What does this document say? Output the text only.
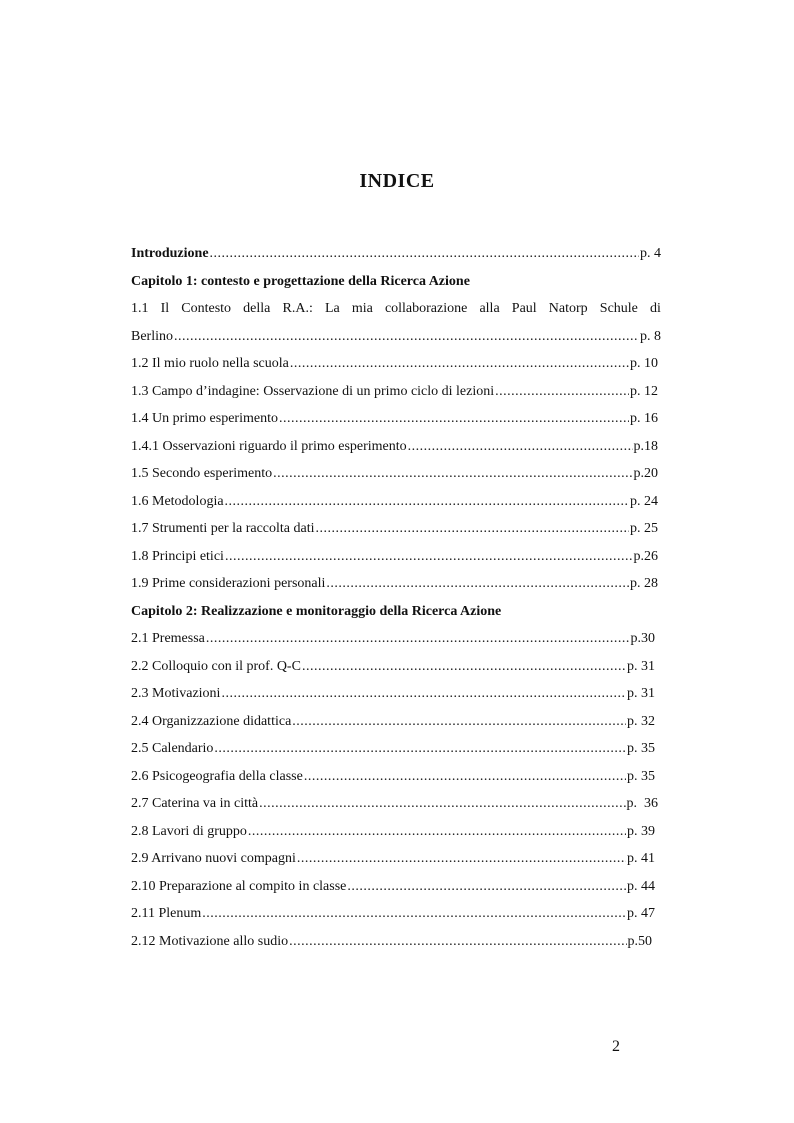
INDICE
Introduzione .....	p. 4
Capitolo 1: contesto e progettazione della Ricerca Azione
1.1 Il Contesto della R.A.: La mia collaborazione alla Paul Natorp Schule di
Berlino .....	p. 8
1.2 Il mio ruolo nella scuola .....	p. 10
1.3 Campo d’indagine: Osservazione di un primo ciclo di lezioni .....	p. 12
1.4 Un primo esperimento .....	p. 16
1.4.1 Osservazioni riguardo il primo esperimento .....	p.18
1.5 Secondo esperimento .....	p.20
1.6 Metodologia .....	p. 24
1.7 Strumenti per la raccolta dati .....	p. 25
1.8 Principi etici .....	p.26
1.9 Prime considerazioni personali .....	p. 28
Capitolo 2: Realizzazione e monitoraggio della Ricerca Azione
2.1 Premessa .....	p.30
2.2 Colloquio con il prof. Q-C .....	p. 31
2.3 Motivazioni .....	p. 31
2.4 Organizzazione didattica .....	p. 32
2.5 Calendario .....	p. 35
2.6 Psicogeografia della classe .....	p. 35
2.7 Caterina va in città .....	p.  36
2.8 Lavori di gruppo .....	p. 39
2.9 Arrivano nuovi compagni .....	p. 41
2.10 Preparazione al compito in classe .....	p. 44
2.11 Plenum .....	p. 47
2.12 Motivazione allo sudio .....	p.50
2
